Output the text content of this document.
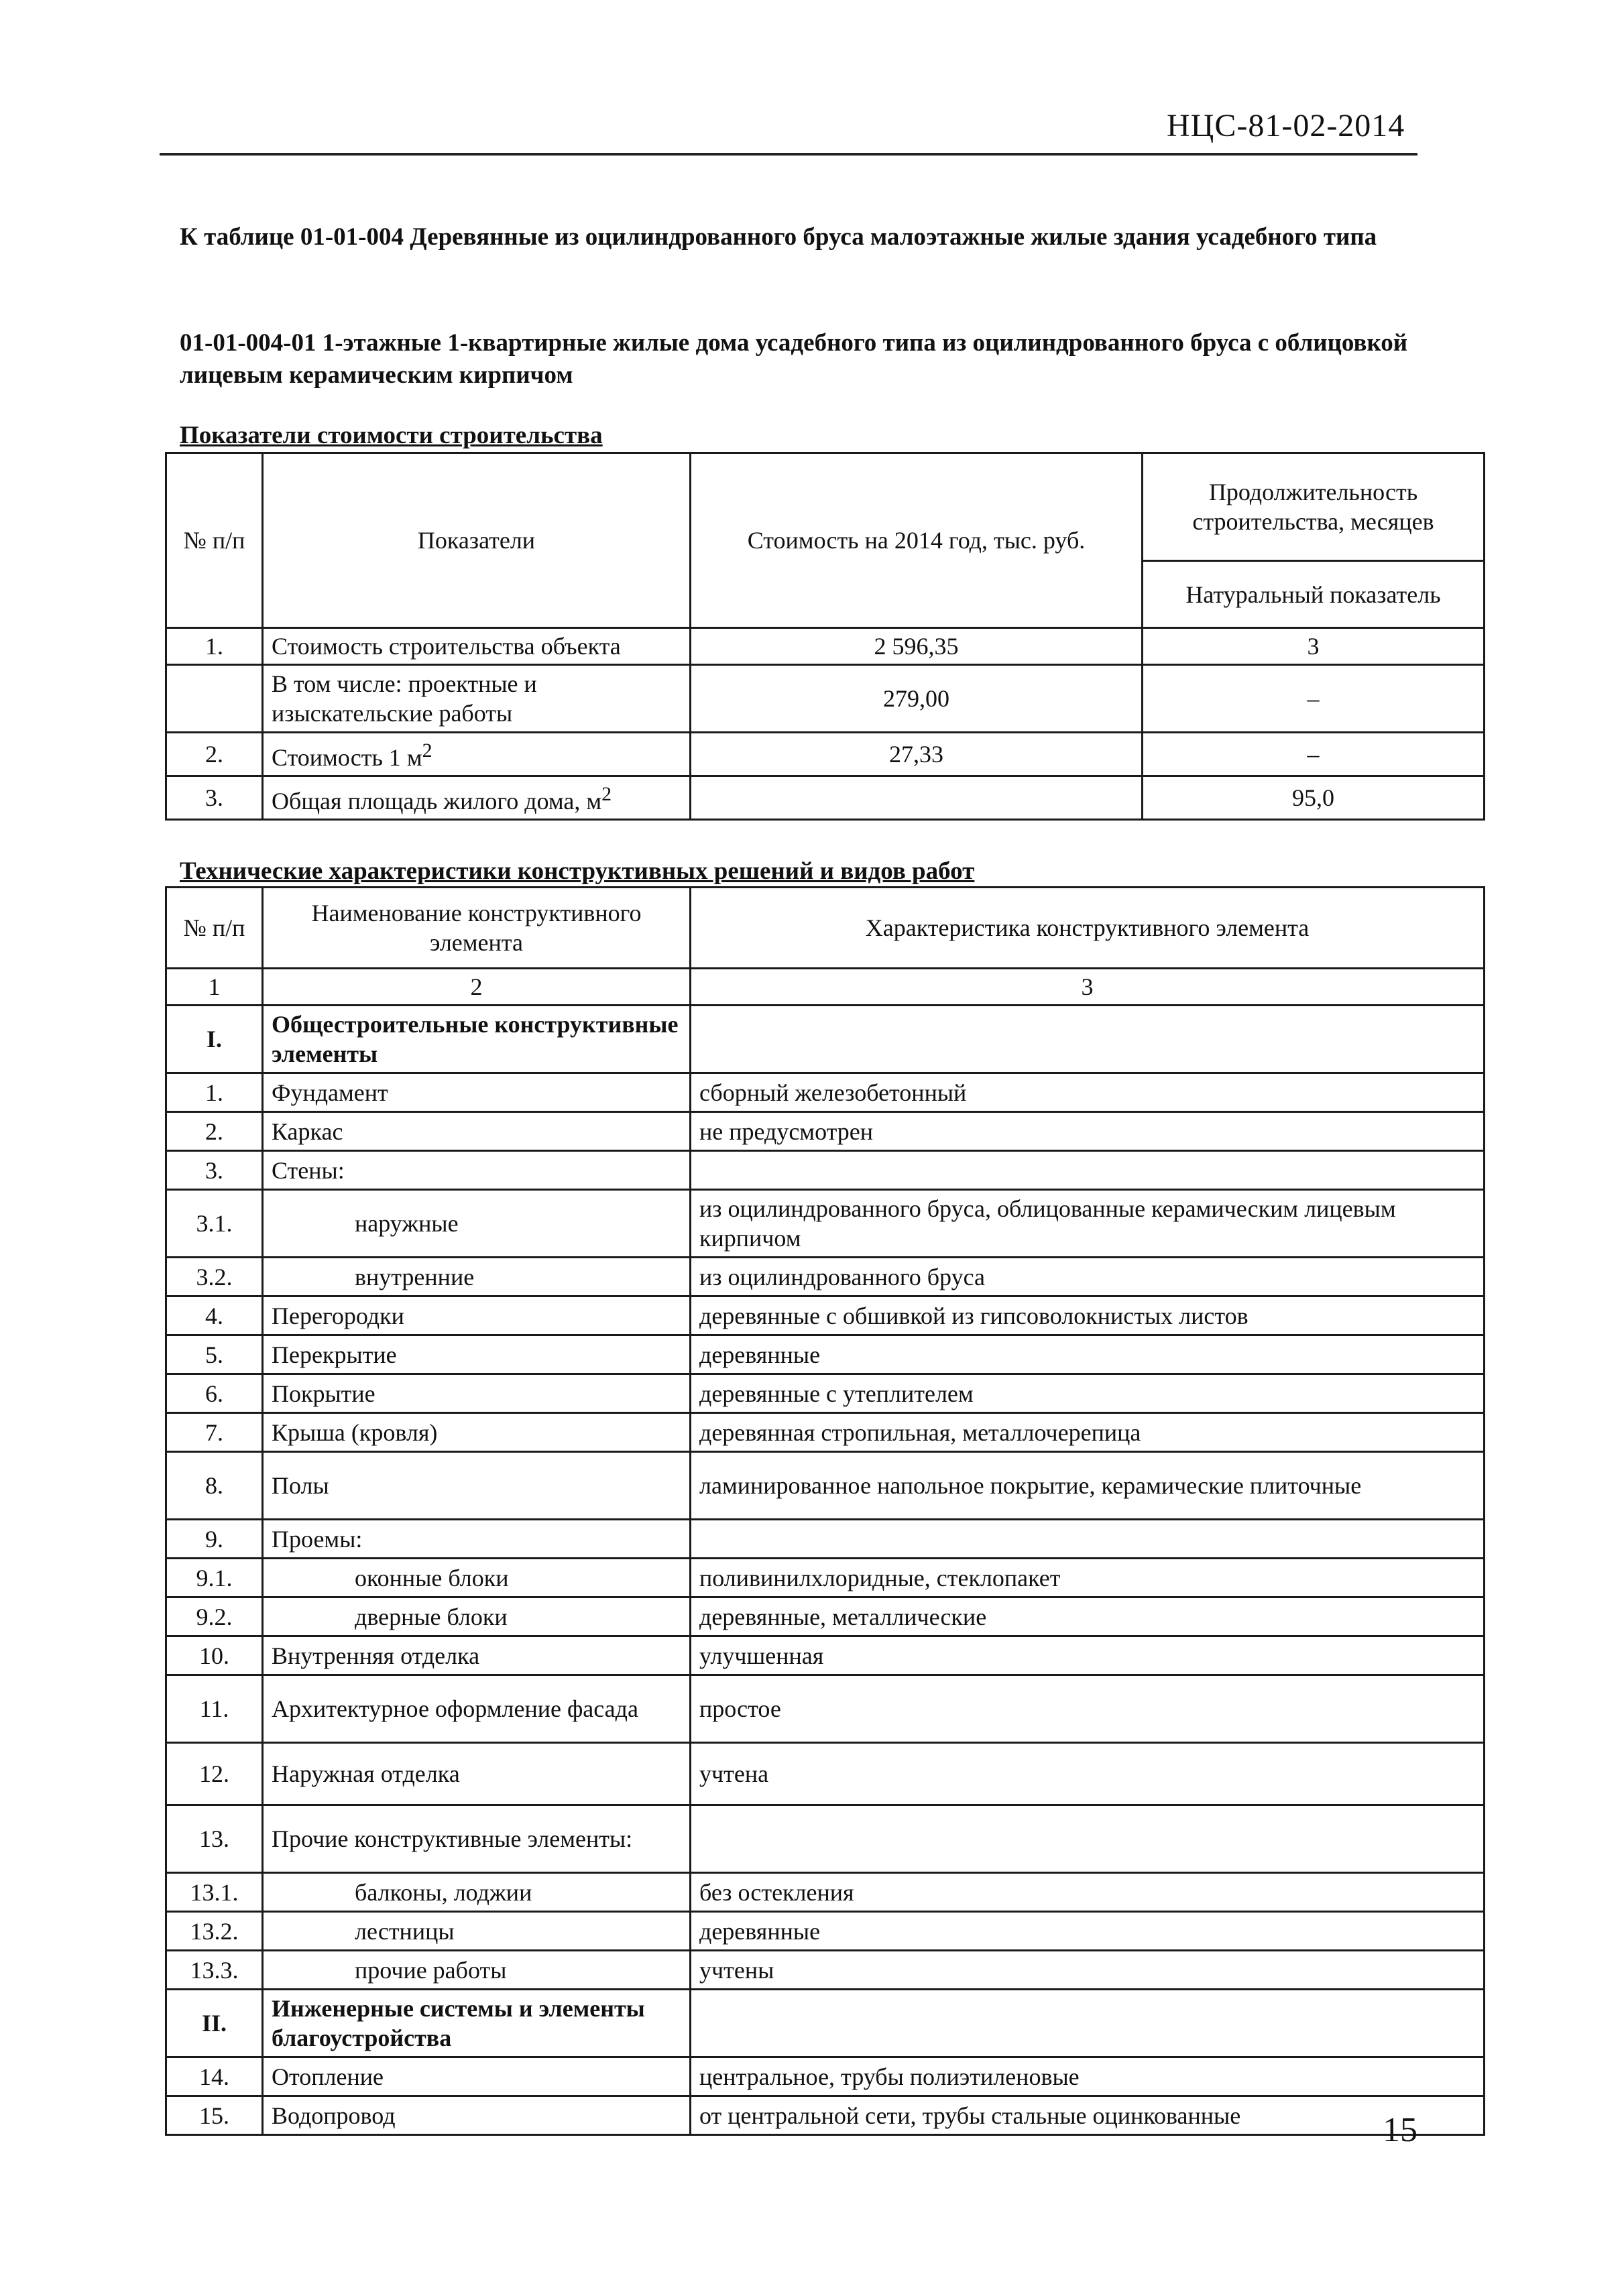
НЦС-81-02-2014
К таблице 01-01-004 Деревянные из оцилиндрованного бруса малоэтажные жилые здания усадебного типа
01-01-004-01 1-этажные 1-квартирные жилые дома усадебного типа из оцилиндрованного бруса с облицовкой лицевым керамическим кирпичом
Показатели стоимости строительства
№ п/п	Показатели	Стоимость на 2014 год, тыс. руб.	Продолжительность строительства, месяцев
			Натуральный показатель
1.	Стоимость строительства объекта	2 596,35	3
	В том числе: проектные и изыскательские работы	279,00	–
2.	Стоимость 1 $м^2$	27,33	–
3.	Общая площадь жилого дома, $м^2$		95,0
Технические характеристики конструктивных решений и видов работ
№ п/п	Наименование конструктивного элемента	Характеристика конструктивного элемента
1	2	3
I.	Общестроительные конструктивные элементы	
1.	Фундамент	сборный железобетонный
2.	Каркас	не предусмотрен
3.	Стены:	
3.1.	наружные	из оцилиндрованного бруса, облицованные керамическим лицевым кирпичом
3.2.	внутренние	из оцилиндрованного бруса
4.	Перегородки	деревянные с обшивкой из гипсоволокнистых листов
5.	Перекрытие	деревянные
6.	Покрытие	деревянные с утеплителем
7.	Крыша (кровля)	деревянная стропильная, металлочерепица
8.	Полы	ламинированное напольное покрытие, керамические плиточные
9.	Проемы:	
9.1.	оконные блоки	поливинилхлоридные, стеклопакет
9.2.	дверные блоки	деревянные, металлические
10.	Внутренняя отделка	улучшенная
11.	Архитектурное оформление фасада	простое
12.	Наружная отделка	учтена
13.	Прочие конструктивные элементы:	
13.1.	балконы, лоджии	без остекления
13.2.	лестницы	деревянные
13.3.	прочие работы	учтены
II.	Инженерные системы и элементы благоустройства	
14.	Отопление	центральное, трубы полиэтиленовые
15.	Водопровод	от центральной сети, трубы стальные оцинкованные	15
